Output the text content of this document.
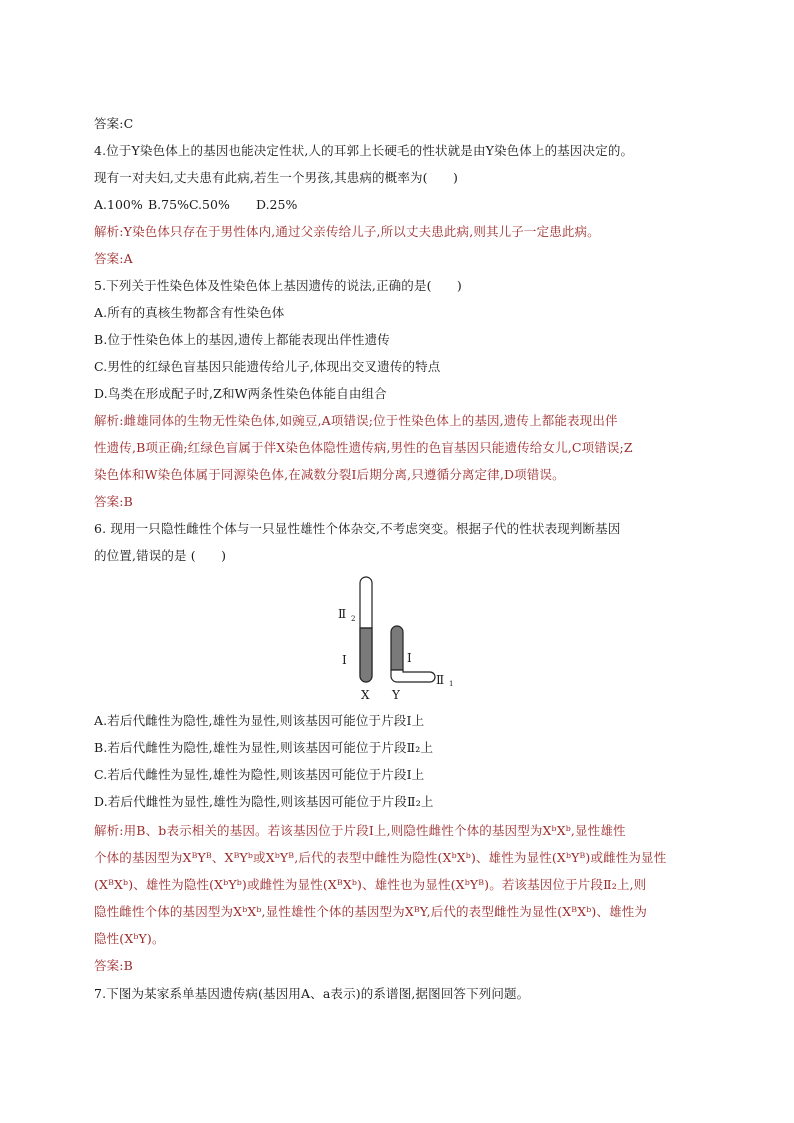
答案:C
4.位于Y染色体上的基因也能决定性状,人的耳郭上长硬毛的性状就是由Y染色体上的基因决定的。
现有一对夫妇,丈夫患有此病,若生一个男孩,其患病的概率为(　　)
A.100% B.75%C.50% D.25%
解析:Y染色体只存在于男性体内,通过父亲传给儿子,所以丈夫患此病,则其儿子一定患此病。
答案:A
5.下列关于性染色体及性染色体上基因遗传的说法,正确的是(　　)
A.所有的真核生物都含有性染色体
B.位于性染色体上的基因,遗传上都能表现出伴性遗传
C.男性的红绿色盲基因只能遗传给儿子,体现出交叉遗传的特点
D.鸟类在形成配子时,Z和W两条性染色体能自由组合
解析:雌雄同体的生物无性染色体,如豌豆,A项错误;位于性染色体上的基因,遗传上都能表现出伴
性遗传,B项正确;红绿色盲属于伴X染色体隐性遗传病,男性的色盲基因只能遗传给女儿,C项错误;Z
染色体和W染色体属于同源染色体,在减数分裂Ⅰ后期分离,只遵循分离定律,D项错误。
答案:B
6. 现用一只隐性雌性个体与一只显性雄性个体杂交,不考虑突变。根据子代的性状表现判断基因
的位置,错误的是 (　　)
Ⅱ 2
Ⅰ	Ⅰ
Ⅱ 1
X Y
A.若后代雌性为隐性,雄性为显性,则该基因可能位于片段Ⅰ上
B.若后代雌性为隐性,雄性为显性,则该基因可能位于片段Ⅱ₂上
C.若后代雌性为显性,雄性为隐性,则该基因可能位于片段Ⅰ上
D.若后代雌性为显性,雄性为隐性,则该基因可能位于片段Ⅱ₂上
解析:用B、b表示相关的基因。若该基因位于片段Ⅰ上,则隐性雌性个体的基因型为XᵇXᵇ,显性雄性
个体的基因型为XᴮYᴮ、XᴮYᵇ或XᵇYᴮ,后代的表型中雌性为隐性(XᵇXᵇ)、雄性为显性(XᵇYᴮ)或雌性为显性
(XᴮXᵇ)、雄性为隐性(XᵇYᵇ)或雌性为显性(XᴮXᵇ)、雄性也为显性(XᵇYᴮ)。若该基因位于片段Ⅱ₂上,则
隐性雌性个体的基因型为XᵇXᵇ,显性雄性个体的基因型为XᴮY,后代的表型雌性为显性(XᴮXᵇ)、雄性为
隐性(XᵇY)。
答案:B
7.下图为某家系单基因遗传病(基因用A、a表示)的系谱图,据图回答下列问题。
